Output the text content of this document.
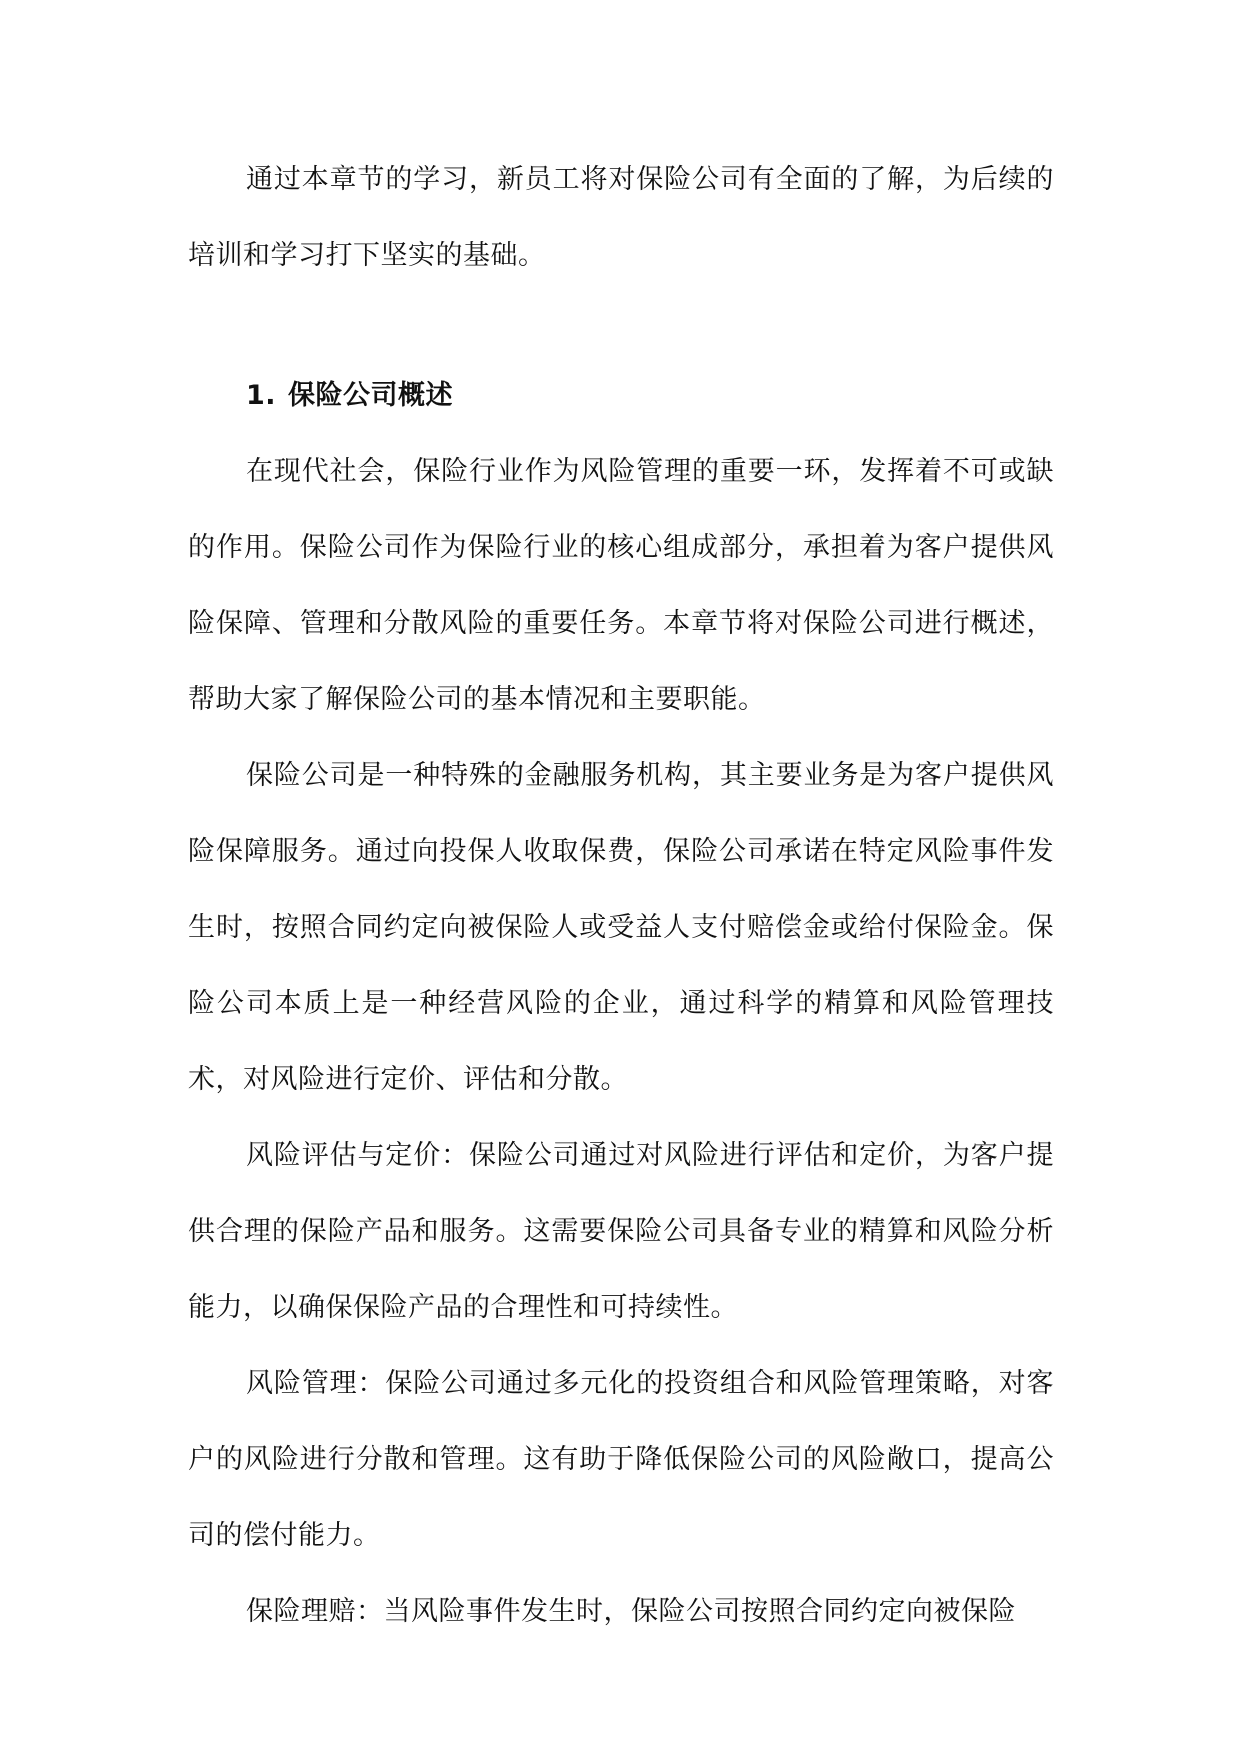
通过本章节的学习，新员工将对保险公司有全面的了解，为后续的培训和学习打下坚实的基础。

1. 保险公司概述

在现代社会，保险行业作为风险管理的重要一环，发挥着不可或缺的作用。保险公司作为保险行业的核心组成部分，承担着为客户提供风险保障、管理和分散风险的重要任务。本章节将对保险公司进行概述，帮助大家了解保险公司的基本情况和主要职能。

保险公司是一种特殊的金融服务机构，其主要业务是为客户提供风险保障服务。通过向投保人收取保费，保险公司承诺在特定风险事件发生时，按照合同约定向被保险人或受益人支付赔偿金或给付保险金。保险公司本质上是一种经营风险的企业，通过科学的精算和风险管理技术，对风险进行定价、评估和分散。

风险评估与定价：保险公司通过对风险进行评估和定价，为客户提供合理的保险产品和服务。这需要保险公司具备专业的精算和风险分析能力，以确保保险产品的合理性和可持续性。

风险管理：保险公司通过多元化的投资组合和风险管理策略，对客户的风险进行分散和管理。这有助于降低保险公司的风险敞口，提高公司的偿付能力。

保险理赔：当风险事件发生时，保险公司按照合同约定向被保险
